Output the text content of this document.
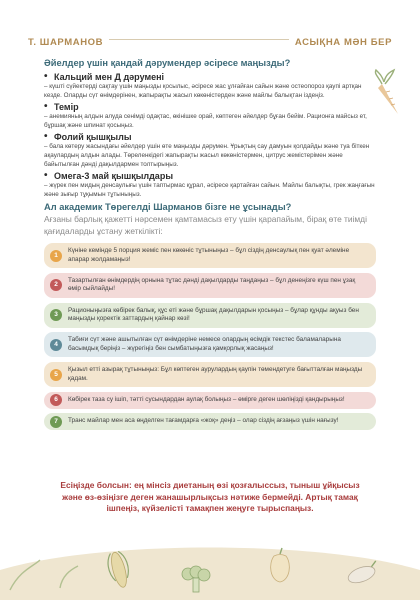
Т. ШАРМАНОВ	АСЫҚНА МӘН БЕР

Әйелдер үшін қандай дәрумендер әсіресе маңызды?

• Кальций мен Д дәрумені

– күшті сүйектерді сақтау үшін маңызды қосылыс, әсіресе жас ұлғайған сайын және остеопороз қаупі артқан кезде. Оларды сүт өнімдерінен, жапырақты жасыл көкөністерден және майлы балықтан іздеңіз.

• Темір

– анемияның алдын алуда сенімді одақтас, өкінішке орай, көптеген әйелдер бұған бейім. Рационға майсыз ет, бұршақ және шпинат қосыңыз.

• Фолий қышқылы

– бала көтеру жасындағы әйелдер үшін өте маңызды дәрумен. Ұрықтың сау дамуын қолдайды және туа біткен ақаулардың алдын алады. Төреленкідегі жапырақты жасыл көкөністермен, цитрус жемістерімен және байытылған дәнді дақылдармен толтырыңыз.

• Омега-3 май қышқылдары

– жүрек пен мидың денсаулығы үшін таптырмас құрал, әсіресе қартайған сайын. Майлы балықты, грек жаңғағын және зығыр тұқымын тұтыныңыз.

Ал академик Төрегелді Шарманов бізге не ұсынады?

Ағзаны барлық қажетті нәрсемен қамтамасыз ету үшін қарапайым, бірақ өте тиімді қағидаларды ұстану жеткілікті:

1
Күніне кемінде 5 порция жеміс пен көкөніс тұтыныңыз – бұл сіздің денсаулық пен қуат әлеміне апарар жолдамаңыз!
2
Тазартылған өнімдердің орнына тұтас дәнді дақылдарды таңдаңыз – бұл денеңізге күш пен ұзақ өмір сыйлайды!
3
Рационыңызға көбірек балық, құс еті және бұршақ дақылдарын қосыңыз – бұлар құнды ақуыз бен маңызды қоректік заттардың қайнар көзі!
4
Табиғи сүт және ашытылған сүт өнімдеріне немесе олардың өсімдік текстес баламаларына басымдық беріңіз – жүрегіңіз бен сымбатыңызға қамқорлық жасаңыз!
5
Қызыл етті азырақ тұтыныңыз: Бұл көптеген аурулардың қаупін төмендетуге бағытталған маңызды қадам.
6	Көбірек таза су ішіп, тәтті сусындардан аулақ болыңыз – өмірге деген шөліңізді қандырыңыз!
7	Транс майлар мен аса өңделген тағамдарға «жоқ» деңіз – олар сіздің ағзаңыз үшін нағызу!

Есіңізде болсын: ең мінсіз диетаның өзі қозғалыссыз, тыныш ұйқысыз және өз-өзіңізге деген жанашырлықсыз нәтиже бермейді. Артық тамақ ішпеңіз, күйзелісті тамақпен жеңуге тырыспаңыз.
